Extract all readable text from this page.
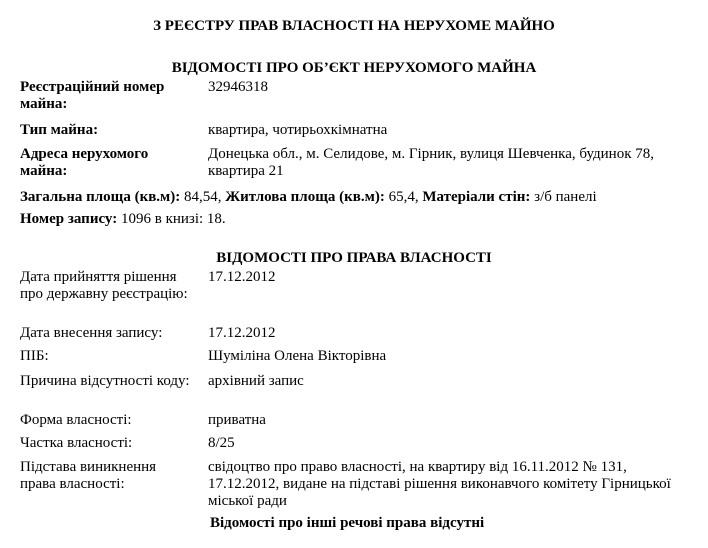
З РЕЄСТРУ ПРАВ ВЛАСНОСТІ НА НЕРУХОМЕ МАЙНО
ВІДОМОСТІ ПРО ОБ’ЄКТ НЕРУХОМОГО МАЙНА
Реєстраційний номер майна:
32946318
Тип майна:	квартира, чотирьохкімнатна
Адреса нерухомого майна:
Донецька обл., м. Селидове, м. Гірник, вулиця Шевченка, будинок 78, квартира 21
Загальна площа (кв.м): 84,54, Житлова площа (кв.м): 65,4, Матеріали стін: з/б панелі
Номер запису: 1096 в книзі: 18.
ВІДОМОСТІ ПРО ПРАВА ВЛАСНОСТІ
Дата прийняття рішення про державну реєстрацію:
17.12.2012
Дата внесення запису:	17.12.2012
ПІБ:	Шуміліна Олена Вікторівна
Причина відсутності коду:	архівний запис
Форма власності:	приватна
Частка власності:	8/25
Підстава виникнення права власності:
свідоцтво про право власності, на квартиру від 16.11.2012 № 131, 17.12.2012, видане на підставі рішення виконавчого комітету Гірницької міської ради
Відомості про інші речові права відсутні
